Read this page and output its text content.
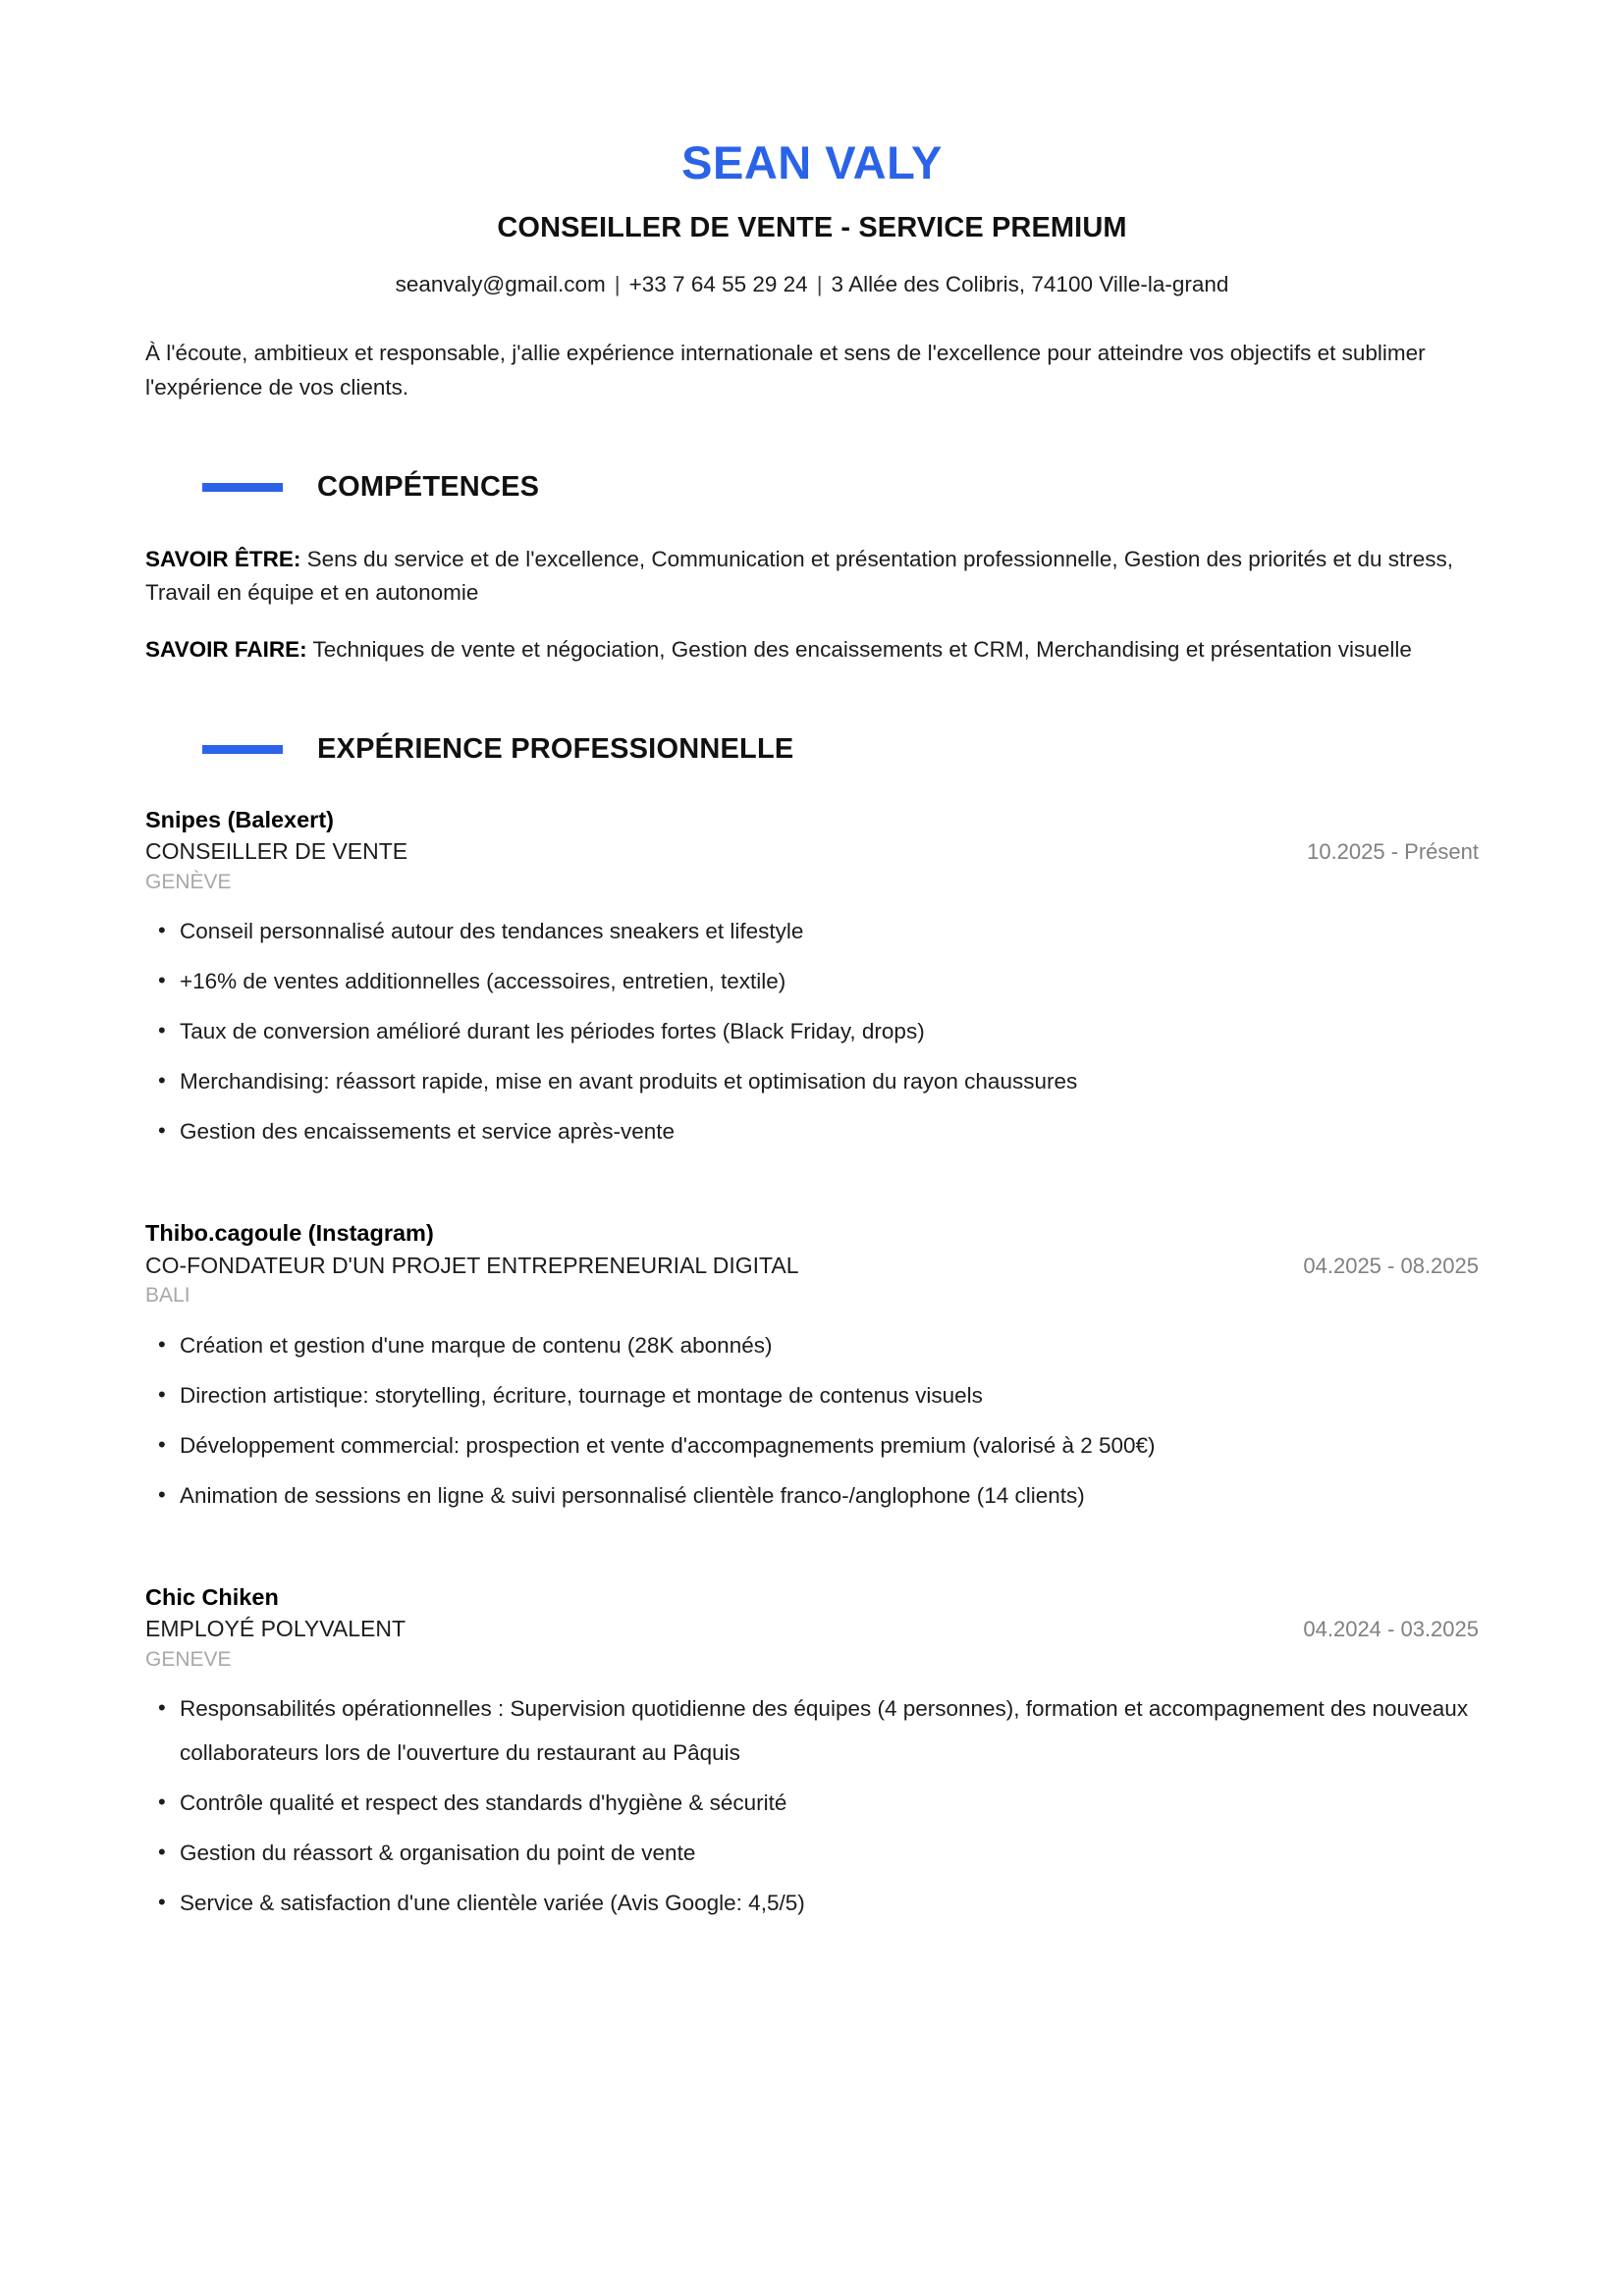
SEAN VALY
CONSEILLER DE VENTE - SERVICE PREMIUM
seanvaly@gmail.com | +33 7 64 55 29 24 | 3 Allée des Colibris, 74100 Ville-la-grand

À l'écoute, ambitieux et responsable, j'allie expérience internationale et sens de l'excellence pour atteindre vos objectifs et sublimer l'expérience de vos clients.

COMPÉTENCES

SAVOIR ÊTRE: Sens du service et de l'excellence, Communication et présentation professionnelle, Gestion des priorités et du stress, Travail en équipe et en autonomie

SAVOIR FAIRE: Techniques de vente et négociation, Gestion des encaissements et CRM, Merchandising et présentation visuelle

EXPÉRIENCE PROFESSIONNELLE
Snipes (Balexert)
CONSEILLER DE VENTE	10.2025 - Présent
GENÈVE
• Conseil personnalisé autour des tendances sneakers et lifestyle
• +16% de ventes additionnelles (accessoires, entretien, textile)
• Taux de conversion amélioré durant les périodes fortes (Black Friday, drops)
• Merchandising: réassort rapide, mise en avant produits et optimisation du rayon chaussures
• Gestion des encaissements et service après-vente
Thibo.cagoule (Instagram)
CO-FONDATEUR D'UN PROJET ENTREPRENEURIAL DIGITAL	04.2025 - 08.2025
BALI
• Création et gestion d'une marque de contenu (28K abonnés)
• Direction artistique: storytelling, écriture, tournage et montage de contenus visuels
• Développement commercial: prospection et vente d'accompagnements premium (valorisé à 2 500€)
• Animation de sessions en ligne & suivi personnalisé clientèle franco-/anglophone (14 clients)
Chic Chiken
EMPLOYÉ POLYVALENT	04.2024 - 03.2025
GENEVE
• Responsabilités opérationnelles : Supervision quotidienne des équipes (4 personnes), formation et accompagnement des nouveaux collaborateurs lors de l'ouverture du restaurant au Pâquis
• Contrôle qualité et respect des standards d'hygiène & sécurité
• Gestion du réassort & organisation du point de vente
• Service & satisfaction d'une clientèle variée (Avis Google: 4,5/5)
